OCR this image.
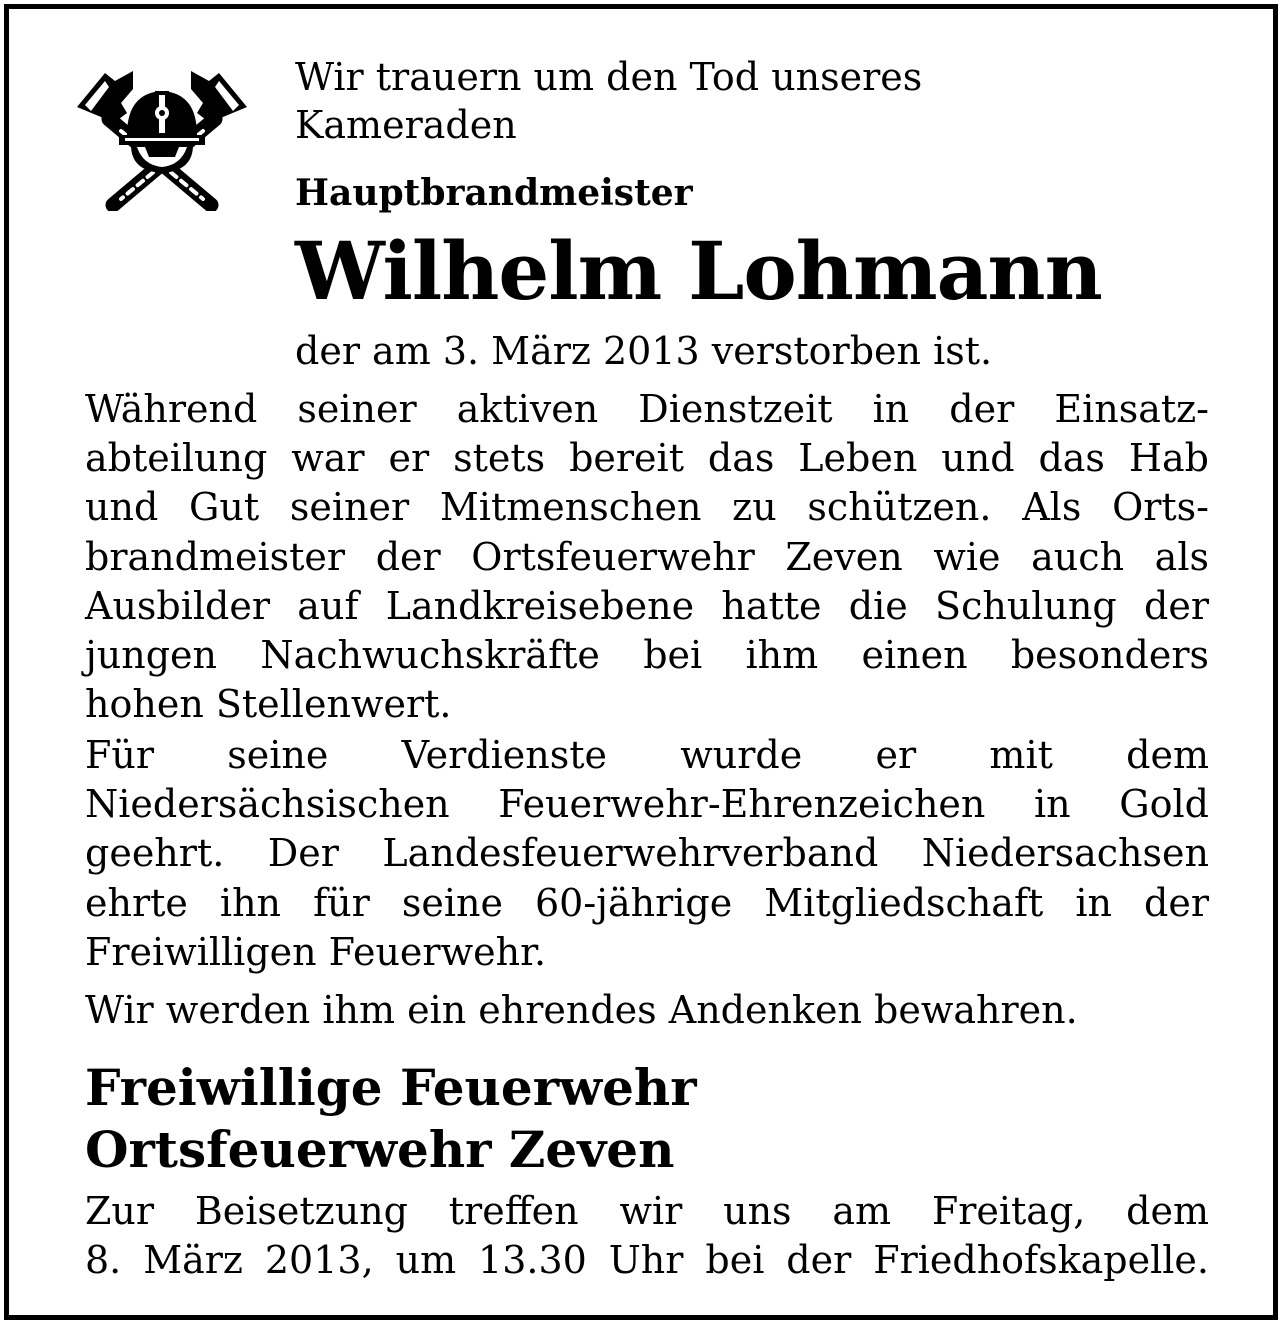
Wir trauern um den Tod unseres
Kameraden
Hauptbrandmeister
Wilhelm Lohmann
der am 3. März 2013 verstorben ist.
Während seiner aktiven Dienstzeit in der Einsatz-
abteilung war er stets bereit das Leben und das Hab
und Gut seiner Mitmenschen zu schützen. Als Orts-
brandmeister der Ortsfeuerwehr Zeven wie auch als
Ausbilder auf Landkreisebene hatte die Schulung der
jungen Nachwuchskräfte bei ihm einen besonders
hohen Stellenwert.
Für seine Verdienste wurde er mit dem
Niedersächsischen Feuerwehr-Ehrenzeichen in Gold
geehrt. Der Landesfeuerwehrverband Niedersachsen
ehrte ihn für seine 60-jährige Mitgliedschaft in der
Freiwilligen Feuerwehr.
Wir werden ihm ein ehrendes Andenken bewahren.
Freiwillige Feuerwehr
Ortsfeuerwehr Zeven
Zur Beisetzung treffen wir uns am Freitag, dem
8. März 2013, um 13.30 Uhr bei der Friedhofskapelle.
